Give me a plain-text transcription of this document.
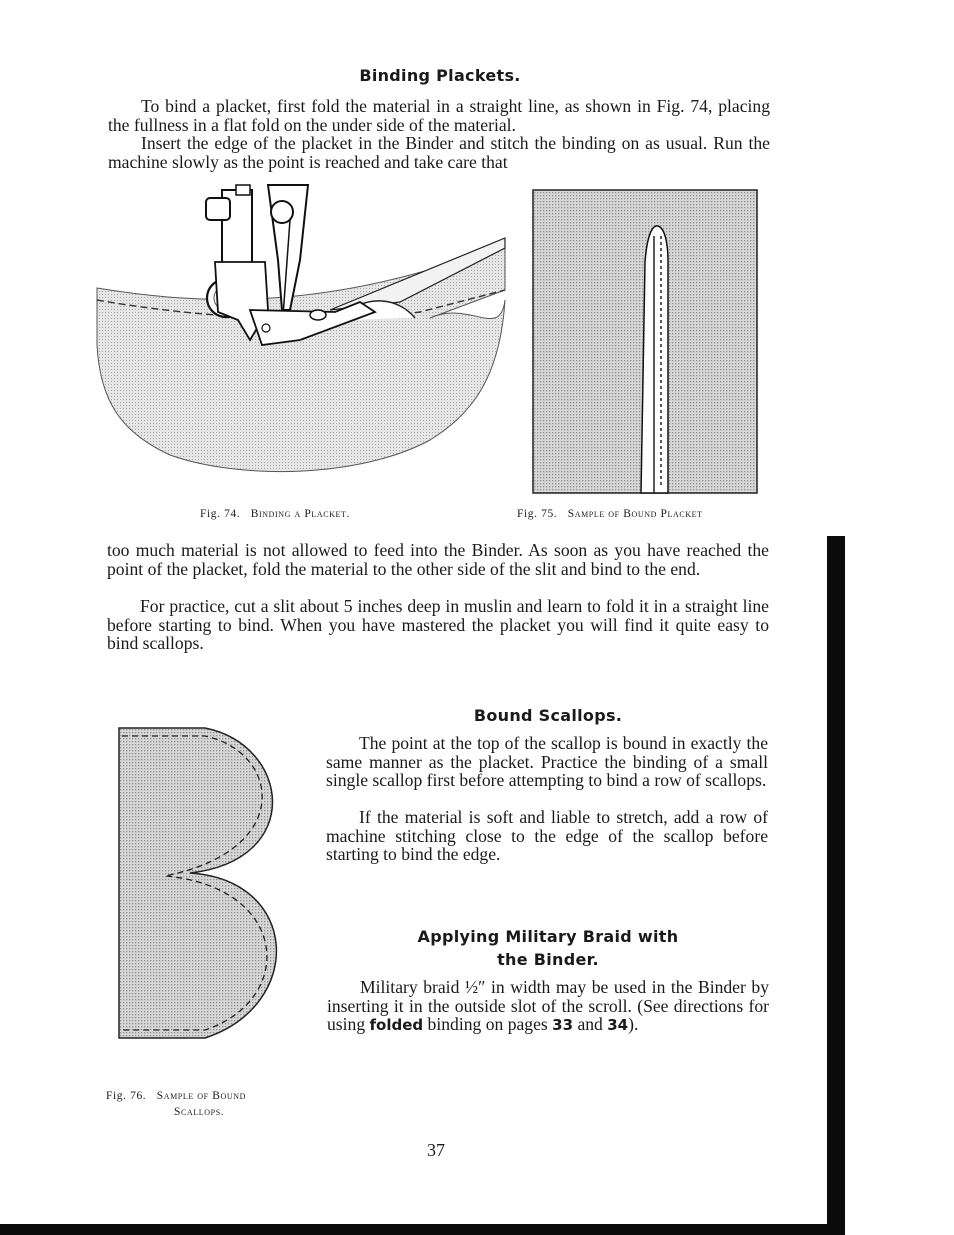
Binding Plackets.

To bind a placket, first fold the material in a straight line, as shown in Fig. 74, placing the fullness in a flat fold on the under side of the material.

Insert the edge of the placket in the Binder and stitch the binding on as usual. Run the machine slowly as the point is reached and take care that

Fig. 74. Binding a Placket.	Fig. 75. Sample of Bound Placket

too much material is not allowed to feed into the Binder. As soon as you have reached the point of the placket, fold the material to the other side of the slit and bind to the end.

For practice, cut a slit about 5 inches deep in muslin and learn to fold it in a straight line before starting to bind. When you have mastered the placket you will find it quite easy to bind scallops.

Bound Scallops.

The point at the top of the scallop is bound in exactly the same manner as the placket. Practice the binding of a small single scallop first before attempting to bind a row of scallops.

If the material is soft and liable to stretch, add a row of machine stitching close to the edge of the scallop before starting to bind the edge.

Applying Military Braid with
the Binder.

Military braid ½″ in width may be used in the Binder by inserting it in the outside slot of the scroll. (See directions for using folded binding on pages 33 and 34).

Fig. 76. Sample of Bound
Scallops.
37
